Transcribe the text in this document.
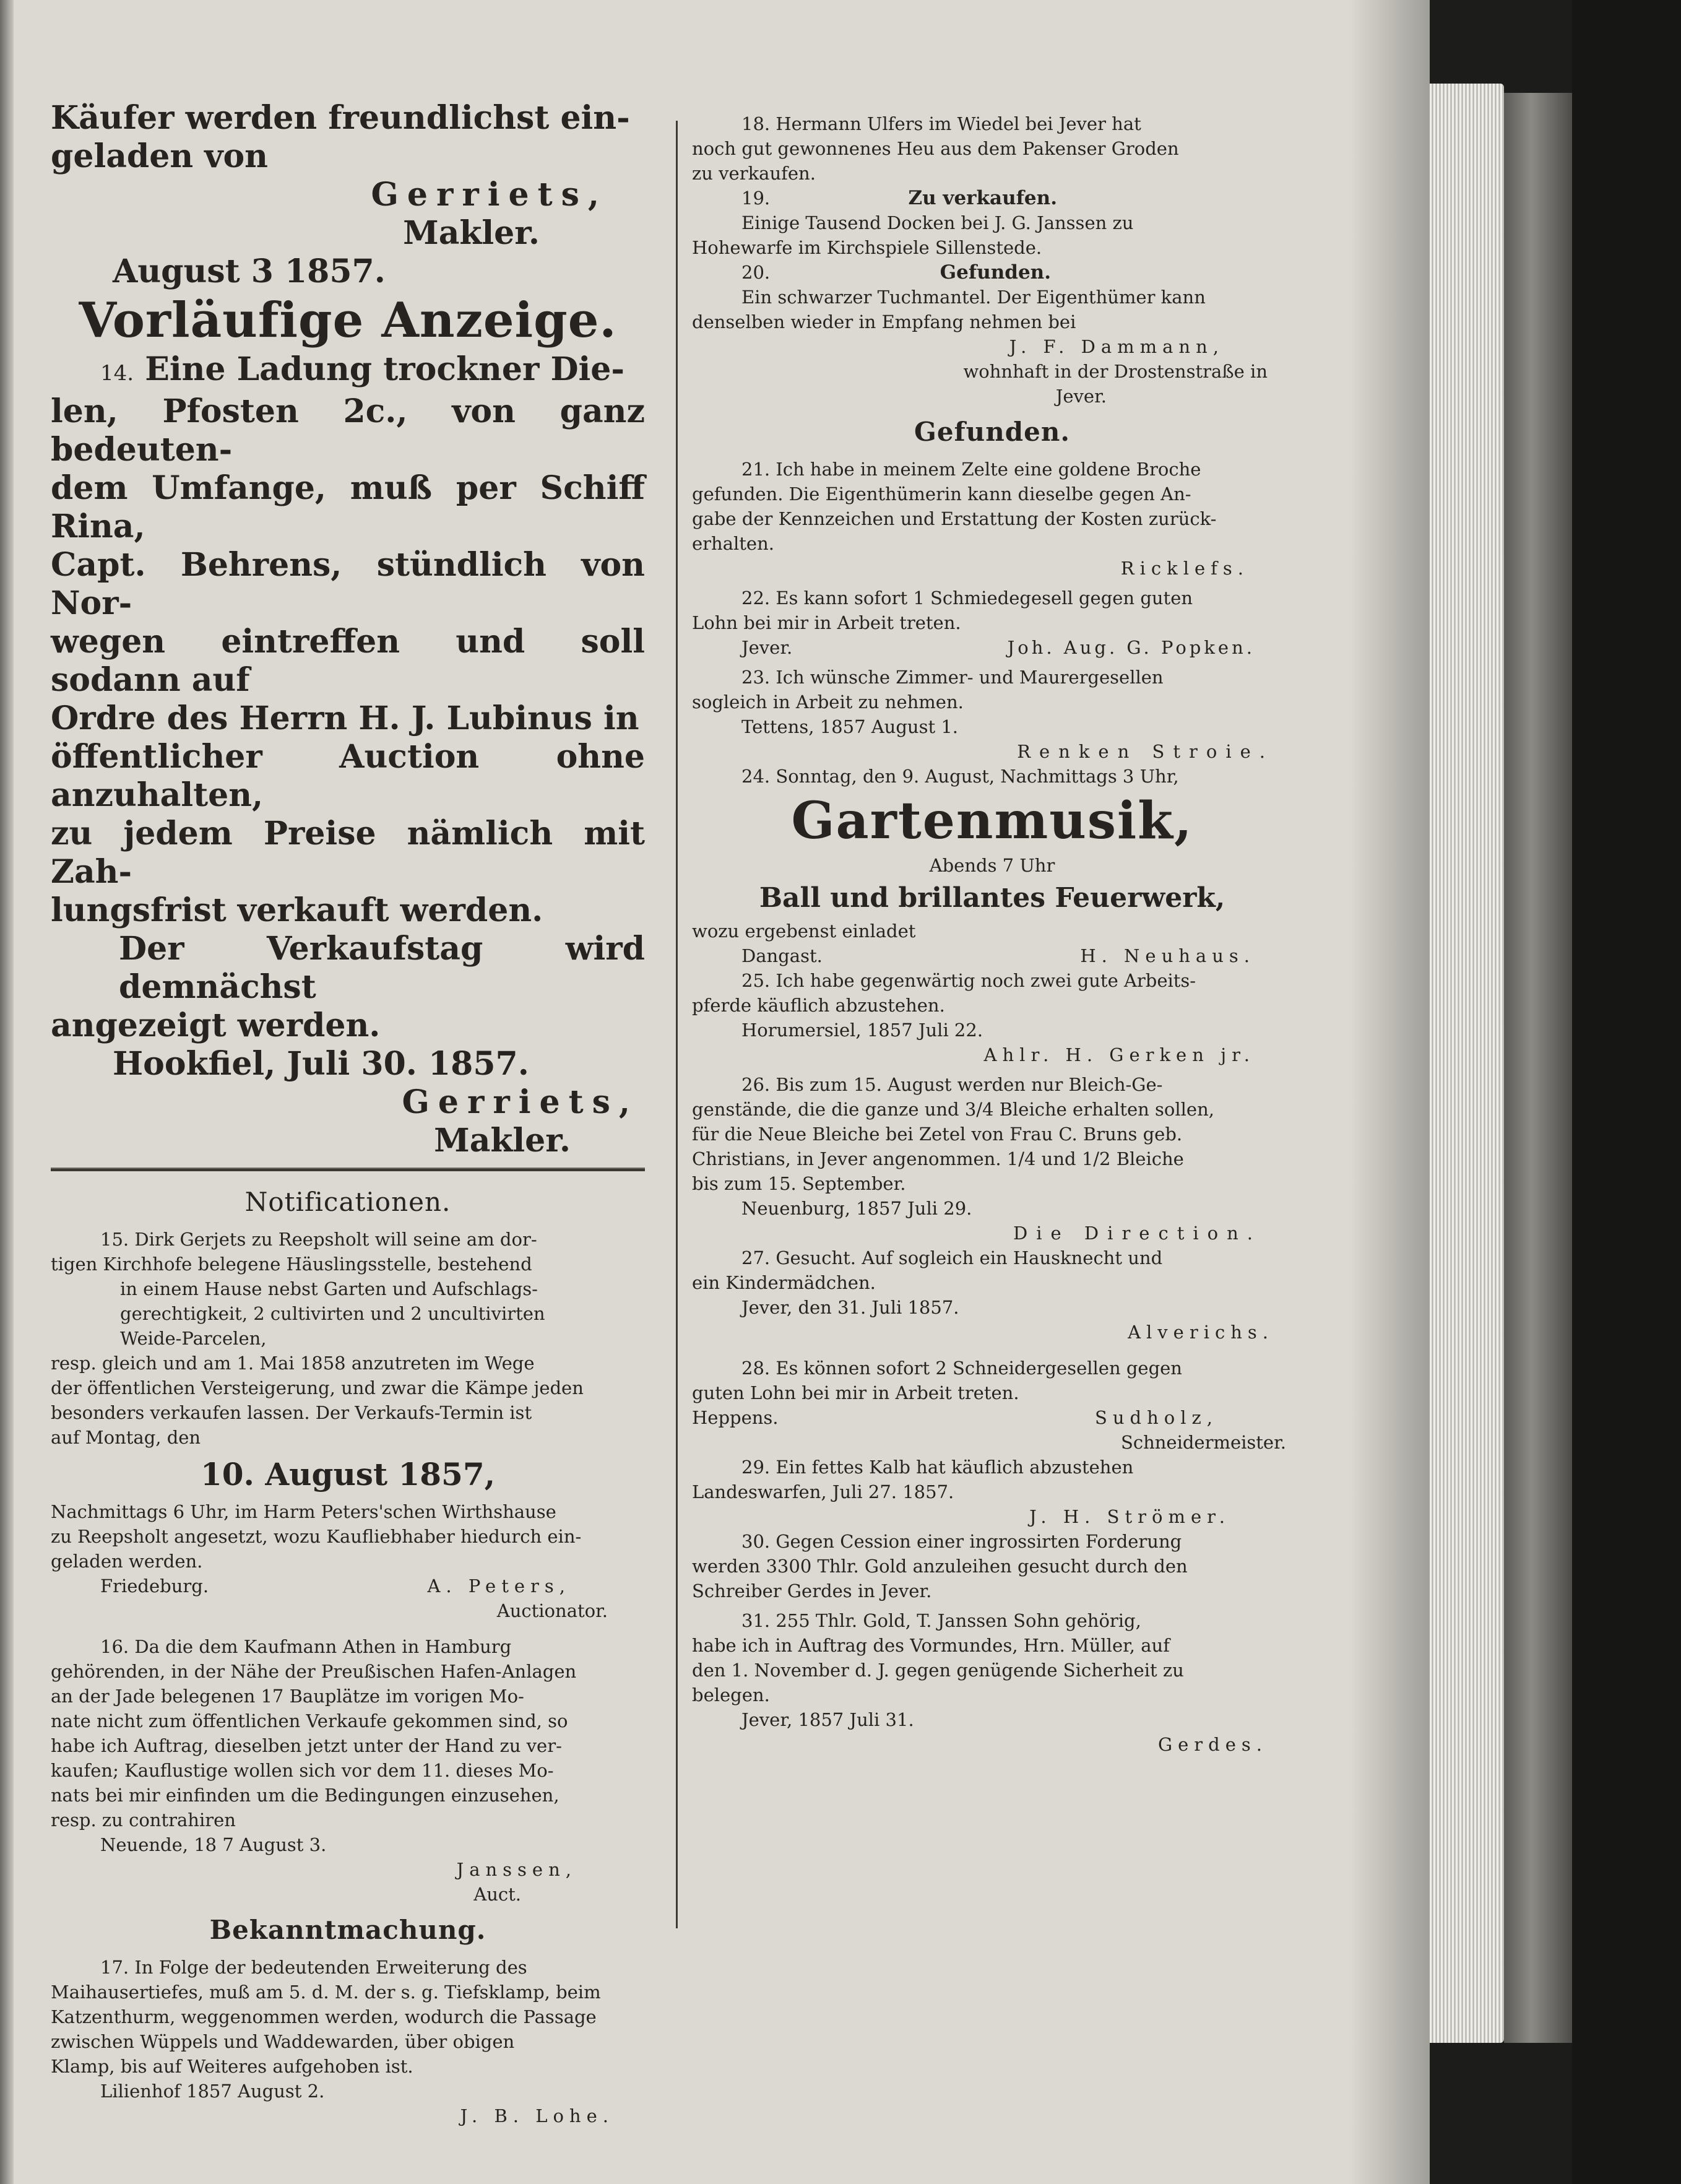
Käufer werden freundlichst ein-
geladen von
Gerriets,
Makler.
August 3 1857.
Vorläufige Anzeige.
14. Eine Ladung trockner Die-
len, Pfosten 2c., von ganz bedeuten-
dem Umfange, muß per Schiff Rina,
Capt. Behrens, stündlich von Nor-
wegen eintreffen und soll sodann auf
Ordre des Herrn H. J. Lubinus in
öffentlicher Auction ohne anzuhalten,
zu jedem Preise nämlich mit Zah-
lungsfrist verkauft werden.
Der Verkaufstag wird demnächst
angezeigt werden.
Hookfiel, Juli 30. 1857.
Gerriets,
Makler.
Notificationen.
15. Dirk Gerjets zu Reepsholt will seine am dor-
tigen Kirchhofe belegene Häuslingsstelle, bestehend
in einem Hause nebst Garten und Aufschlags-
gerechtigkeit, 2 cultivirten und 2 uncultivirten
Weide-Parcelen,
resp. gleich und am 1. Mai 1858 anzutreten im Wege
der öffentlichen Versteigerung, und zwar die Kämpe jeden
besonders verkaufen lassen. Der Verkaufs-Termin ist
auf Montag, den
10. August 1857,
Nachmittags 6 Uhr, im Harm Peters'schen Wirthshause
zu Reepsholt angesetzt, wozu Kaufliebhaber hiedurch ein-
geladen werden.
Friedeburg.	A. Peters,
Auctionator.
16. Da die dem Kaufmann Athen in Hamburg
gehörenden, in der Nähe der Preußischen Hafen-Anlagen
an der Jade belegenen 17 Bauplätze im vorigen Mo-
nate nicht zum öffentlichen Verkaufe gekommen sind, so
habe ich Auftrag, dieselben jetzt unter der Hand zu ver-
kaufen; Kauflustige wollen sich vor dem 11. dieses Mo-
nats bei mir einfinden um die Bedingungen einzusehen,
resp. zu contrahiren
Neuende, 18 7 August 3.
Janssen,
Auct.
Bekanntmachung.
17. In Folge der bedeutenden Erweiterung des
Maihausertiefes, muß am 5. d. M. der s. g. Tiefsklamp, beim
Katzenthurm, weggenommen werden, wodurch die Passage
zwischen Wüppels und Waddewarden, über obigen
Klamp, bis auf Weiteres aufgehoben ist.
Lilienhof 1857 August 2.
J. B. Lohe.
18. Hermann Ulfers im Wiedel bei Jever hat
noch gut gewonnenes Heu aus dem Pakenser Groden
zu verkaufen.
19.	Zu verkaufen.
Einige Tausend Docken bei J. G. Janssen zu
Hohewarfe im Kirchspiele Sillenstede.
20.	Gefunden.
Ein schwarzer Tuchmantel. Der Eigenthümer kann
denselben wieder in Empfang nehmen bei
J. F. Dammann,
wohnhaft in der Drostenstraße in
Jever.
Gefunden.
21. Ich habe in meinem Zelte eine goldene Broche
gefunden. Die Eigenthümerin kann dieselbe gegen An-
gabe der Kennzeichen und Erstattung der Kosten zurück-
erhalten.
Ricklefs.
22. Es kann sofort 1 Schmiedegesell gegen guten
Lohn bei mir in Arbeit treten.
Jever.	Joh. Aug. G. Popken.
23. Ich wünsche Zimmer- und Maurergesellen
sogleich in Arbeit zu nehmen.
Tettens, 1857 August 1.
Renken Stroie.
24. Sonntag, den 9. August, Nachmittags 3 Uhr,
Gartenmusik,
Abends 7 Uhr
Ball und brillantes Feuerwerk,
wozu ergebenst einladet
Dangast.	H. Neuhaus.
25. Ich habe gegenwärtig noch zwei gute Arbeits-
pferde käuflich abzustehen.
Horumersiel, 1857 Juli 22.
Ahlr. H. Gerken jr.
26. Bis zum 15. August werden nur Bleich-Ge-
genstände, die die ganze und 3/4 Bleiche erhalten sollen,
für die Neue Bleiche bei Zetel von Frau C. Bruns geb.
Christians, in Jever angenommen. 1/4 und 1/2 Bleiche
bis zum 15. September.
Neuenburg, 1857 Juli 29.
Die Direction.
27. Gesucht. Auf sogleich ein Hausknecht und
ein Kindermädchen.
Jever, den 31. Juli 1857.
Alverichs.
28. Es können sofort 2 Schneidergesellen gegen
guten Lohn bei mir in Arbeit treten.
Heppens.	Sudholz,
Schneidermeister.
29. Ein fettes Kalb hat käuflich abzustehen
Landeswarfen, Juli 27. 1857.
J. H. Strömer.
30. Gegen Cession einer ingrossirten Forderung
werden 3300 Thlr. Gold anzuleihen gesucht durch den
Schreiber Gerdes in Jever.
31. 255 Thlr. Gold, T. Janssen Sohn gehörig,
habe ich in Auftrag des Vormundes, Hrn. Müller, auf
den 1. November d. J. gegen genügende Sicherheit zu
belegen.
Jever, 1857 Juli 31.
Gerdes.
